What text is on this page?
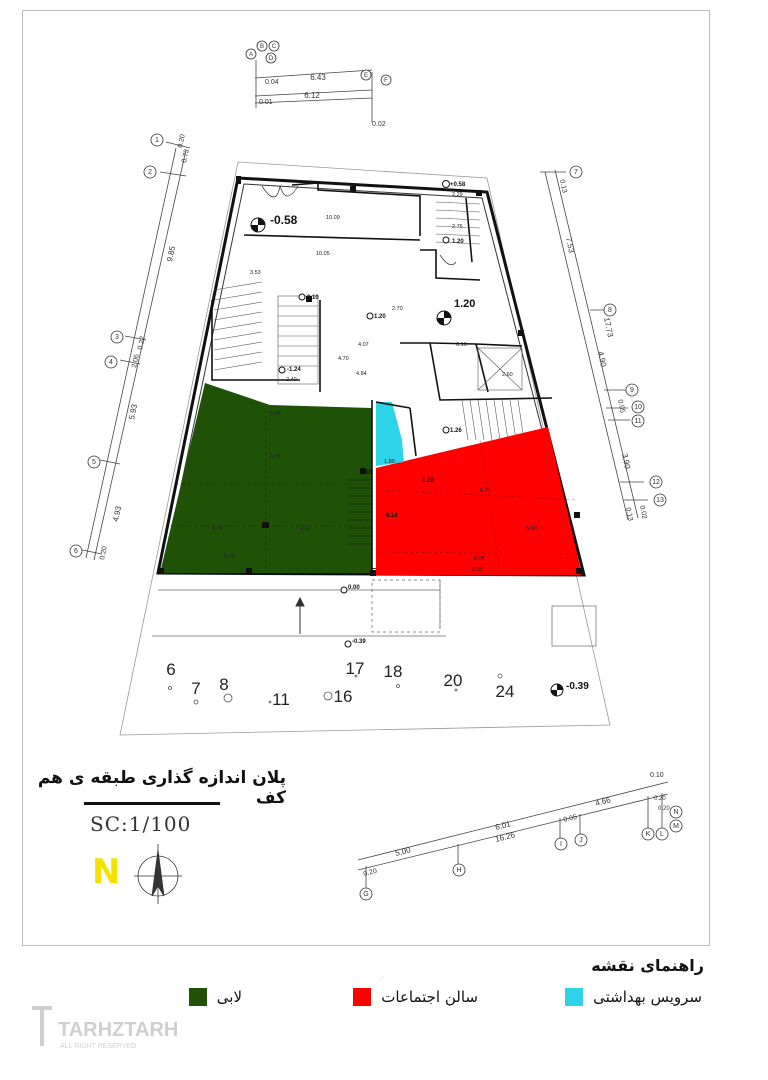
A
B C
D
E
F
6.43
6.12
0.04
0.01
0.02
1
2
3
4
5
6
0.20
0.73
9.85
2.06
0.22
5.93
4.93
0.20
7
8
9
10
11
12
13
0.13
7.53
17.73
4.90
0.05
3.90
0.13 0.02
6
7 8
11	16
17 18 20
24
-0.58
+0.58
1.20
1.20
0.10
1.20
-1.24
1.26
1.20
1.20
0.10
0.00
-0.39
-0.39
10.09
10.05
3.53
2.29
2.75
2.70
4.07
4.84
6.16
2.60
5.28
6.74
4.11
4.79
5.75
1.80
6.71
6.05
5.05
5.40
4.70
2.40
G
H
I
J
K L
M
N
0.10
4.66	0.20
0.20
6.01
16.26
0.05
5.00
0.20
پلان اندازه گذاری طبقه ی هم کف
SC:1/100
N
راهنمای نقشه
سرویس بهداشتی
سالن اجتماعات
لابی
TARHZTARH
ALL RIGHT RESERVED
